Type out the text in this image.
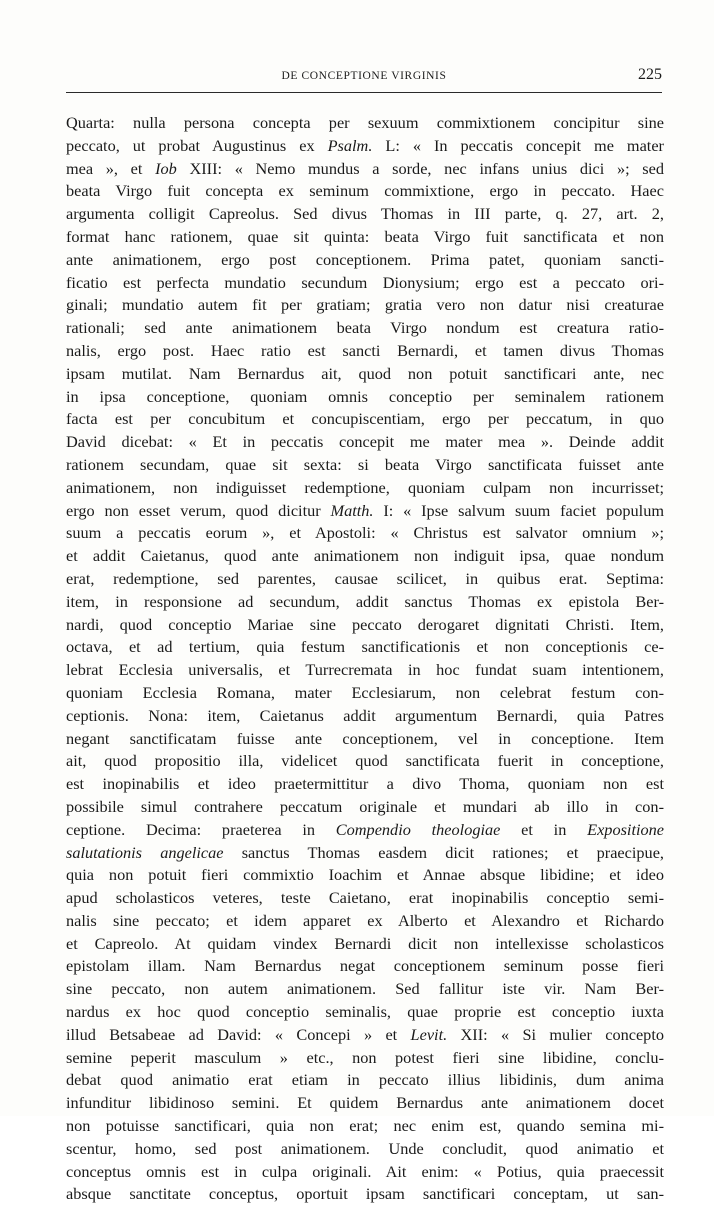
DE CONCEPTIONE VIRGINIS	225
Quarta: nulla persona concepta per sexuum commixtionem concipitur sine
peccato, ut probat Augustinus ex Psalm. L: « In peccatis concepit me mater
mea », et Iob XIII: « Nemo mundus a sorde, nec infans unius dici »; sed
beata Virgo fuit concepta ex seminum commixtione, ergo in peccato. Haec
argumenta colligit Capreolus. Sed divus Thomas in III parte, q. 27, art. 2,
format hanc rationem, quae sit quinta: beata Virgo fuit sanctificata et non
ante animationem, ergo post conceptionem. Prima patet, quoniam sancti-
ficatio est perfecta mundatio secundum Dionysium; ergo est a peccato ori-
ginali; mundatio autem fit per gratiam; gratia vero non datur nisi creaturae
rationali; sed ante animationem beata Virgo nondum est creatura ratio-
nalis, ergo post. Haec ratio est sancti Bernardi, et tamen divus Thomas
ipsam mutilat. Nam Bernardus ait, quod non potuit sanctificari ante, nec
in ipsa conceptione, quoniam omnis conceptio per seminalem rationem
facta est per concubitum et concupiscentiam, ergo per peccatum, in quo
David dicebat: « Et in peccatis concepit me mater mea ». Deinde addit
rationem secundam, quae sit sexta: si beata Virgo sanctificata fuisset ante
animationem, non indiguisset redemptione, quoniam culpam non incurrisset;
ergo non esset verum, quod dicitur Matth. I: « Ipse salvum suum faciet populum
suum a peccatis eorum », et Apostoli: « Christus est salvator omnium »;
et addit Caietanus, quod ante animationem non indiguit ipsa, quae nondum
erat, redemptione, sed parentes, causae scilicet, in quibus erat. Septima:
item, in responsione ad secundum, addit sanctus Thomas ex epistola Ber-
nardi, quod conceptio Mariae sine peccato derogaret dignitati Christi. Item,
octava, et ad tertium, quia festum sanctificationis et non conceptionis ce-
lebrat Ecclesia universalis, et Turrecremata in hoc fundat suam intentionem,
quoniam Ecclesia Romana, mater Ecclesiarum, non celebrat festum con-
ceptionis. Nona: item, Caietanus addit argumentum Bernardi, quia Patres
negant sanctificatam fuisse ante conceptionem, vel in conceptione. Item
ait, quod propositio illa, videlicet quod sanctificata fuerit in conceptione,
est inopinabilis et ideo praetermittitur a divo Thoma, quoniam non est
possibile simul contrahere peccatum originale et mundari ab illo in con-
ceptione. Decima: praeterea in Compendio theologiae et in Expositione
salutationis angelicae sanctus Thomas easdem dicit rationes; et praecipue,
quia non potuit fieri commixtio Ioachim et Annae absque libidine; et ideo
apud scholasticos veteres, teste Caietano, erat inopinabilis conceptio semi-
nalis sine peccato; et idem apparet ex Alberto et Alexandro et Richardo
et Capreolo. At quidam vindex Bernardi dicit non intellexisse scholasticos
epistolam illam. Nam Bernardus negat conceptionem seminum posse fieri
sine peccato, non autem animationem. Sed fallitur iste vir. Nam Ber-
nardus ex hoc quod conceptio seminalis, quae proprie est conceptio iuxta
illud Betsabeae ad David: « Concepi » et Levit. XII: « Si mulier concepto
semine peperit masculum » etc., non potest fieri sine libidine, conclu-
debat quod animatio erat etiam in peccato illius libidinis, dum anima
infunditur libidinoso semini. Et quidem Bernardus ante animationem docet
non potuisse sanctificari, quia non erat; nec enim est, quando semina mi-
scentur, homo, sed post animationem. Unde concludit, quod animatio et
conceptus omnis est in culpa originali. Ait enim: « Potius, quia praecessit
absque sanctitate conceptus, oportuit ipsam sanctificari conceptam, ut san-
